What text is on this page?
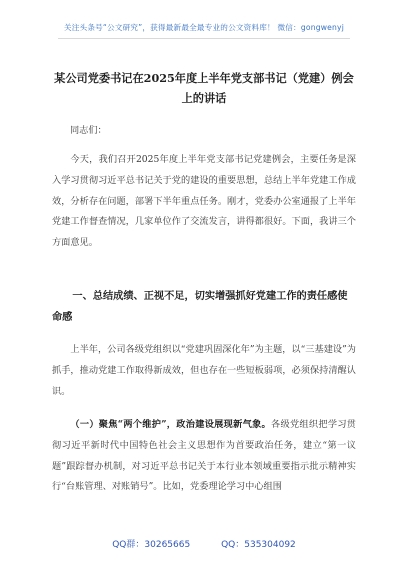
关注头条号“公文研究”，获得最新最全最专业的公文资料库！ 微信：gongwenyj
某公司党委书记在2025年度上半年党支部书记（党建）例会上的讲话
同志们：

今天，我们召开2025年度上半年党支部书记党建例会，主要任务是深入学习贯彻习近平总书记关于党的建设的重要思想，总结上半年党建工作成效，分析存在问题，部署下半年重点任务。刚才，党委办公室通报了上半年党建工作督查情况，几家单位作了交流发言，讲得都很好。下面，我讲三个方面意见。

一、总结成绩、正视不足，切实增强抓好党建工作的责任感使命感

上半年，公司各级党组织以“党建巩固深化年”为主题，以“三基建设”为抓手，推动党建工作取得新成效，但也存在一些短板弱项，必须保持清醒认识。

（一）聚焦“两个维护”，政治建设展现新气象。各级党组织把学习贯彻习近平新时代中国特色社会主义思想作为首要政治任务，建立“第一议题”跟踪督办机制，对习近平总书记关于本行业本领域重要指示批示精神实行“台账管理、对账销号”。比如，党委理论学习中心组围

QQ群：30265665	QQ：535304092
